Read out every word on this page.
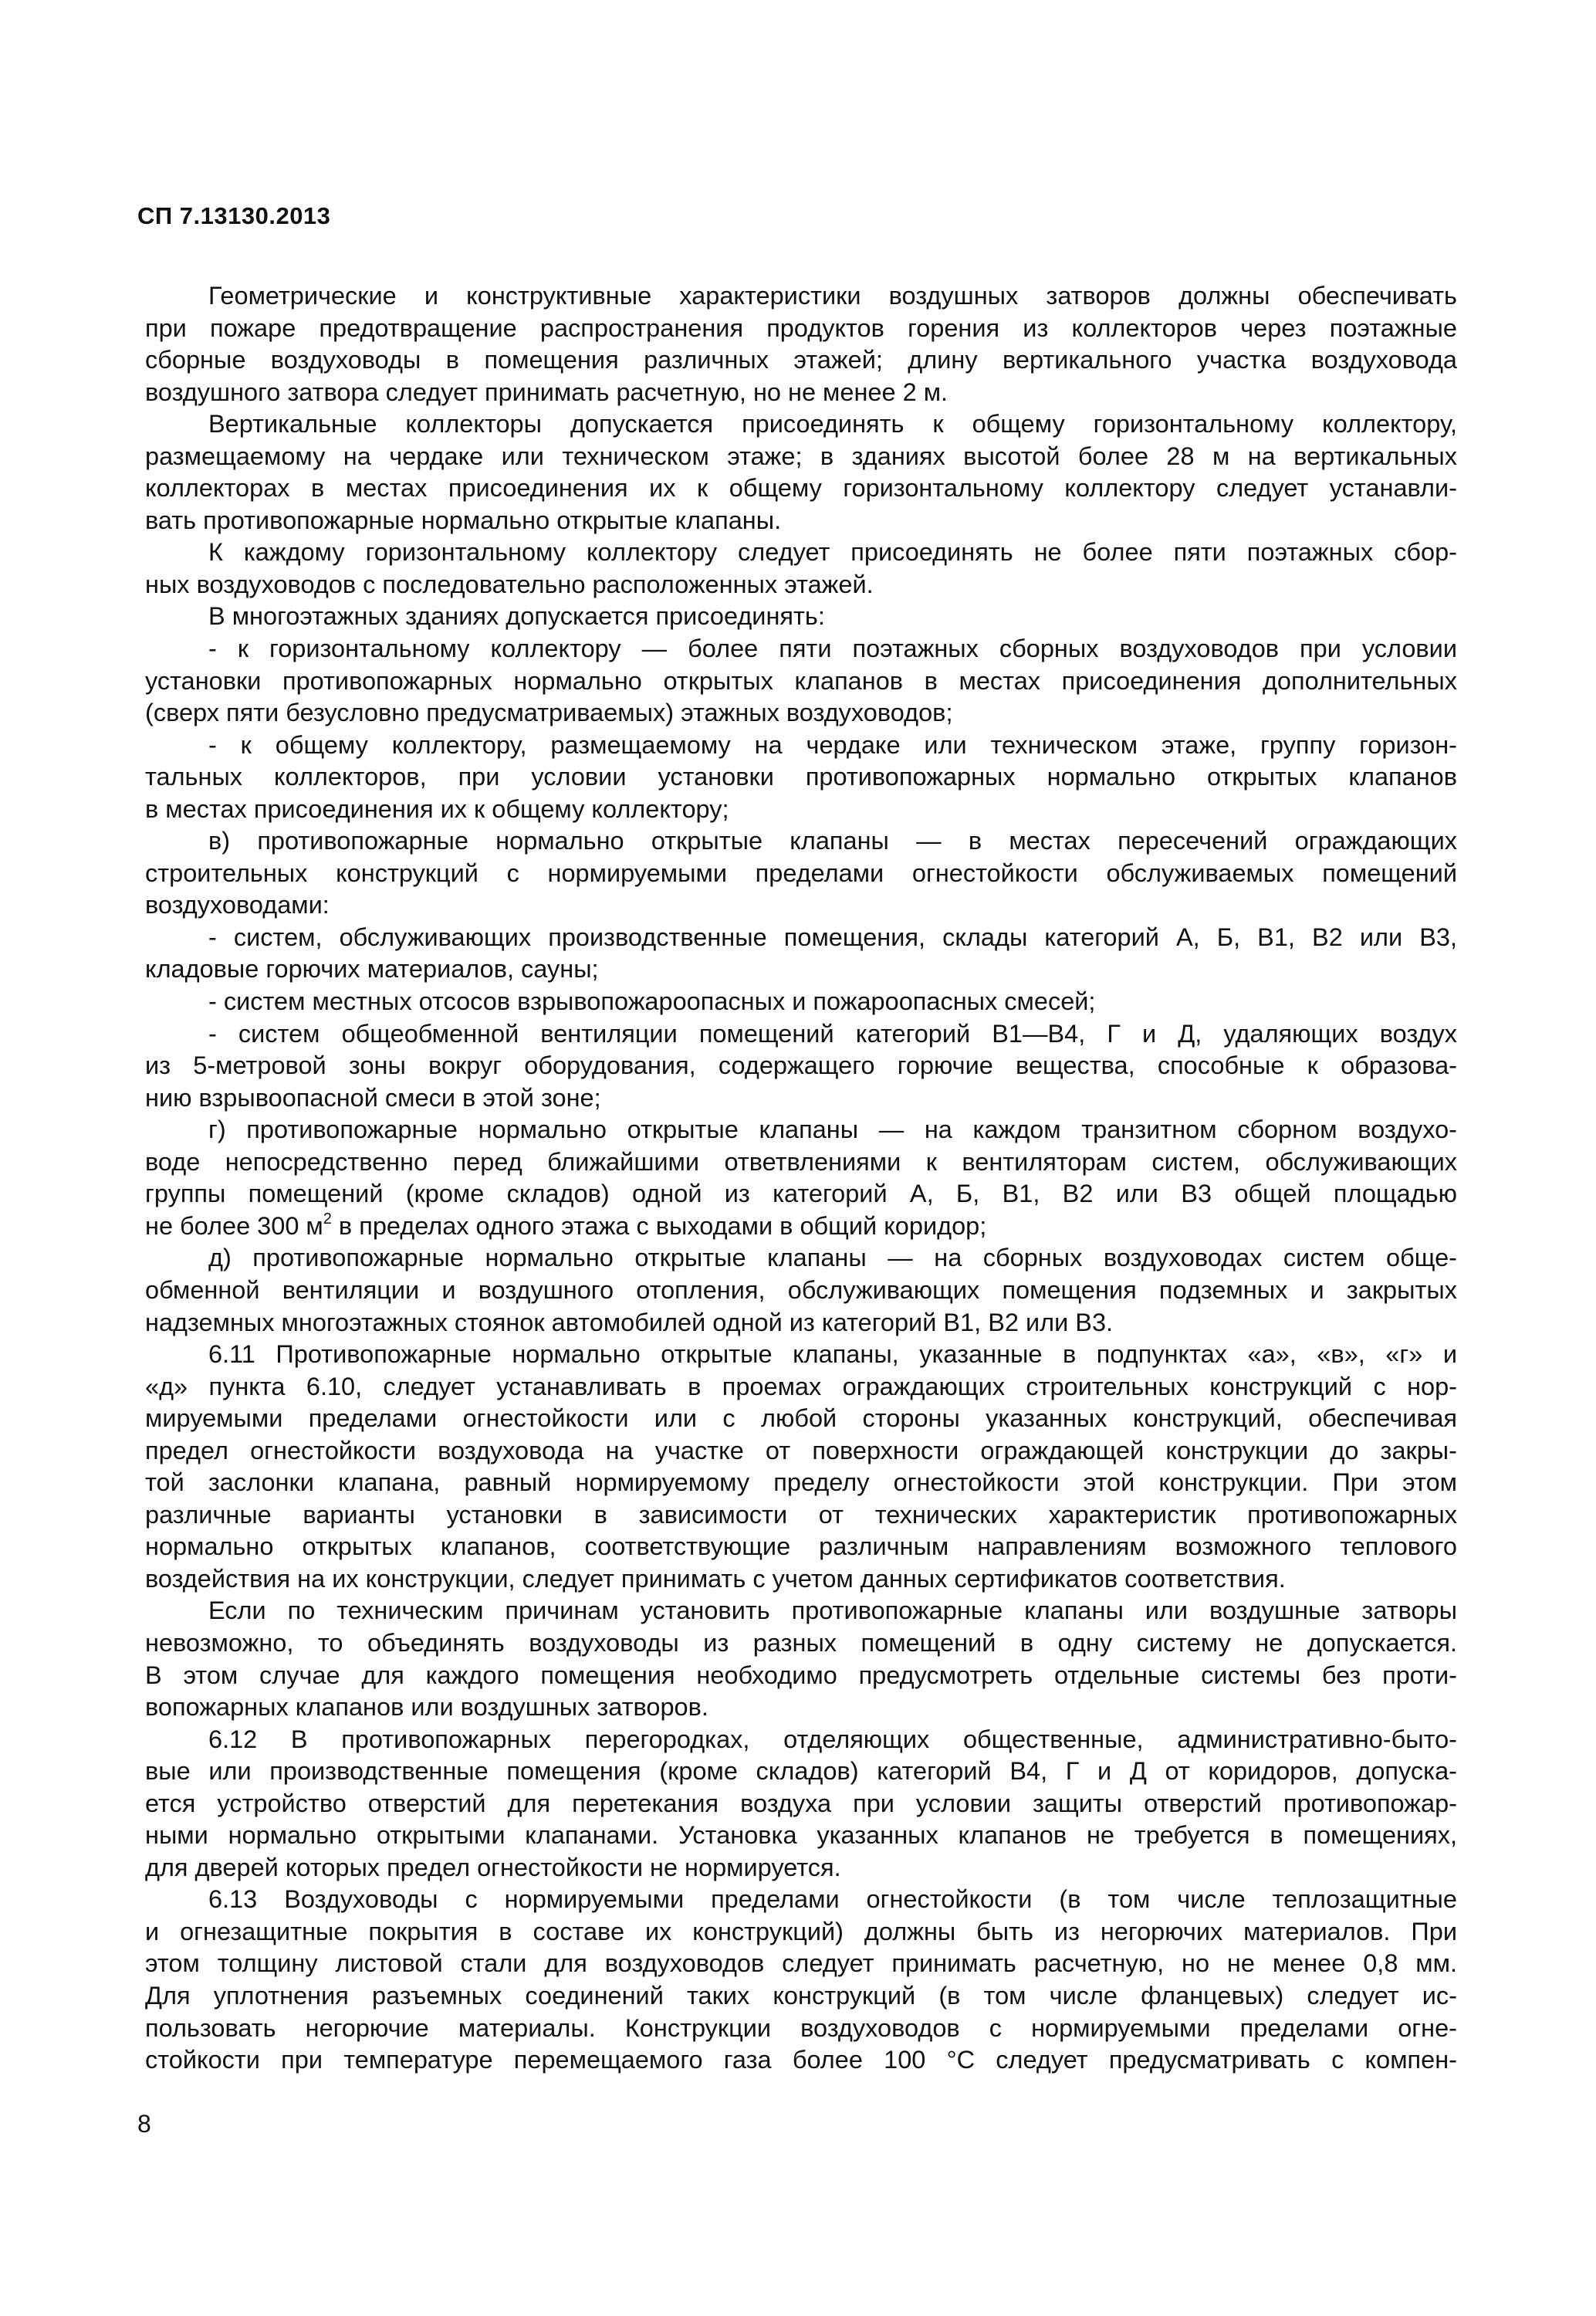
СП 7.13130.2013
Геометрические и конструктивные характеристики воздушных затворов должны обеспечивать
при пожаре предотвращение распространения продуктов горения из коллекторов через поэтажные
сборные воздуховоды в помещения различных этажей; длину вертикального участка воздуховода
воздушного затвора следует принимать расчетную, но не менее 2 м.
Вертикальные коллекторы допускается присоединять к общему горизонтальному коллектору,
размещаемому на чердаке или техническом этаже; в зданиях высотой более 28 м на вертикальных
коллекторах в местах присоединения их к общему горизонтальному коллектору следует устанавли-
вать противопожарные нормально открытые клапаны.
К каждому горизонтальному коллектору следует присоединять не более пяти поэтажных сбор-
ных воздуховодов с последовательно расположенных этажей.
В многоэтажных зданиях допускается присоединять:
- к горизонтальному коллектору — более пяти поэтажных сборных воздуховодов при условии
установки противопожарных нормально открытых клапанов в местах присоединения дополнительных
(сверх пяти безусловно предусматриваемых) этажных воздуховодов;
- к общему коллектору, размещаемому на чердаке или техническом этаже, группу горизон-
тальных коллекторов, при условии установки противопожарных нормально открытых клапанов
в местах присоединения их к общему коллектору;
в) противопожарные нормально открытые клапаны — в местах пересечений ограждающих
строительных конструкций с нормируемыми пределами огнестойкости обслуживаемых помещений
воздуховодами:
- систем, обслуживающих производственные помещения, склады категорий А, Б, В1, В2 или В3,
кладовые горючих материалов, сауны;
- систем местных отсосов взрывопожароопасных и пожароопасных смесей;
- систем общеобменной вентиляции помещений категорий В1—В4, Г и Д, удаляющих воздух
из 5-метровой зоны вокруг оборудования, содержащего горючие вещества, способные к образова-
нию взрывоопасной смеси в этой зоне;
г) противопожарные нормально открытые клапаны — на каждом транзитном сборном воздухо-
воде непосредственно перед ближайшими ответвлениями к вентиляторам систем, обслуживающих
группы помещений (кроме складов) одной из категорий А, Б, В1, В2 или В3 общей площадью
не более 300 $м^2$ в пределах одного этажа с выходами в общий коридор;
д) противопожарные нормально открытые клапаны — на сборных воздуховодах систем обще-
обменной вентиляции и воздушного отопления, обслуживающих помещения подземных и закрытых
надземных многоэтажных стоянок автомобилей одной из категорий В1, В2 или В3.
6.11 Противопожарные нормально открытые клапаны, указанные в подпунктах «а», «в», «г» и
«д» пункта 6.10, следует устанавливать в проемах ограждающих строительных конструкций с нор-
мируемыми пределами огнестойкости или с любой стороны указанных конструкций, обеспечивая
предел огнестойкости воздуховода на участке от поверхности ограждающей конструкции до закры-
той заслонки клапана, равный нормируемому пределу огнестойкости этой конструкции. При этом
различные варианты установки в зависимости от технических характеристик противопожарных
нормально открытых клапанов, соответствующие различным направлениям возможного теплового
воздействия на их конструкции, следует принимать с учетом данных сертификатов соответствия.
Если по техническим причинам установить противопожарные клапаны или воздушные затворы
невозможно, то объединять воздуховоды из разных помещений в одну систему не допускается.
В этом случае для каждого помещения необходимо предусмотреть отдельные системы без проти-
вопожарных клапанов или воздушных затворов.
6.12 В противопожарных перегородках, отделяющих общественные, административно-быто-
вые или производственные помещения (кроме складов) категорий В4, Г и Д от коридоров, допуска-
ется устройство отверстий для перетекания воздуха при условии защиты отверстий противопожар-
ными нормально открытыми клапанами. Установка указанных клапанов не требуется в помещениях,
для дверей которых предел огнестойкости не нормируется.
6.13 Воздуховоды с нормируемыми пределами огнестойкости (в том числе теплозащитные
и огнезащитные покрытия в составе их конструкций) должны быть из негорючих материалов. При
этом толщину листовой стали для воздуховодов следует принимать расчетную, но не менее 0,8 мм.
Для уплотнения разъемных соединений таких конструкций (в том числе фланцевых) следует ис-
пользовать негорючие материалы. Конструкции воздуховодов с нормируемыми пределами огне-
стойкости при температуре перемещаемого газа более 100 °С следует предусматривать с компен-
8
